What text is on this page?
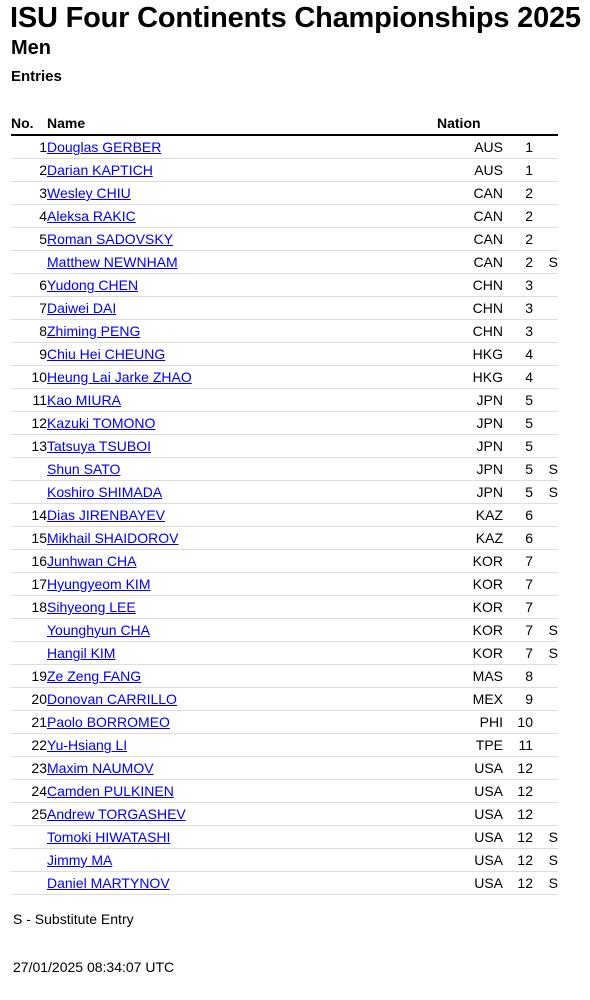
ISU Four Continents Championships 2025
Men
Entries
No.	Name	Nation		
1	Douglas GERBER	AUS	1	
2	Darian KAPTICH	AUS	1	
3	Wesley CHIU	CAN	2	
4	Aleksa RAKIC	CAN	2	
5	Roman SADOVSKY	CAN	2	
	Matthew NEWNHAM	CAN	2	S
6	Yudong CHEN	CHN	3	
7	Daiwei DAI	CHN	3	
8	Zhiming PENG	CHN	3	
9	Chiu Hei CHEUNG	HKG	4	
10	Heung Lai Jarke ZHAO	HKG	4	
11	Kao MIURA	JPN	5	
12	Kazuki TOMONO	JPN	5	
13	Tatsuya TSUBOI	JPN	5	
	Shun SATO	JPN	5	S
	Koshiro SHIMADA	JPN	5	S
14	Dias JIRENBAYEV	KAZ	6	
15	Mikhail SHAIDOROV	KAZ	6	
16	Junhwan CHA	KOR	7	
17	Hyungyeom KIM	KOR	7	
18	Sihyeong LEE	KOR	7	
	Younghyun CHA	KOR	7	S
	Hangil KIM	KOR	7	S
19	Ze Zeng FANG	MAS	8	
20	Donovan CARRILLO	MEX	9	
21	Paolo BORROMEO	PHI	10	
22	Yu-Hsiang LI	TPE	11	
23	Maxim NAUMOV	USA	12	
24	Camden PULKINEN	USA	12	
25	Andrew TORGASHEV	USA	12	
	Tomoki HIWATASHI	USA	12	S
	Jimmy MA	USA	12	S
	Daniel MARTYNOV	USA	12	S

S - Substitute Entry

27/01/2025 08:34:07 UTC
